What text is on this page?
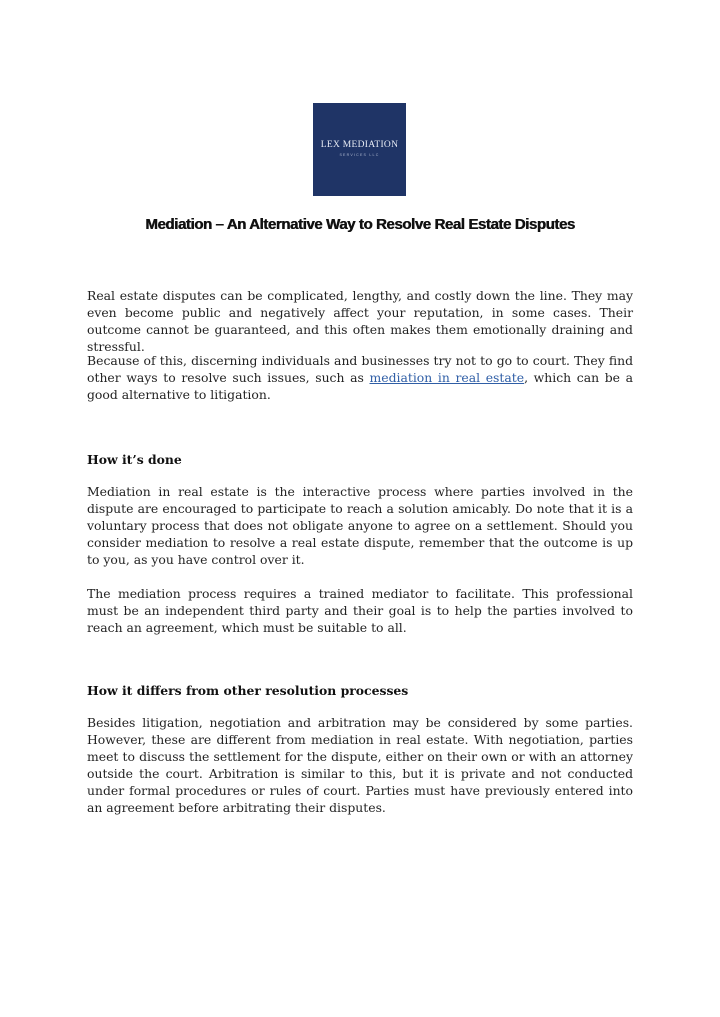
LEX MEDIATION
SERVICES LLC
Mediation – An Alternative Way to Resolve Real Estate Disputes

Real estate disputes can be complicated, lengthy, and costly down the line. They may even become public and negatively affect your reputation, in some cases. Their outcome cannot be guaranteed, and this often makes them emotionally draining and stressful.

Because of this, discerning individuals and businesses try not to go to court. They find other ways to resolve such issues, such as mediation in real estate, which can be a good alternative to litigation.

How it’s done

Mediation in real estate is the interactive process where parties involved in the dispute are encouraged to participate to reach a solution amicably. Do note that it is a voluntary process that does not obligate anyone to agree on a settlement. Should you consider mediation to resolve a real estate dispute, remember that the outcome is up to you, as you have control over it.

The mediation process requires a trained mediator to facilitate. This professional must be an independent third party and their goal is to help the parties involved to reach an agreement, which must be suitable to all.

How it differs from other resolution processes

Besides litigation, negotiation and arbitration may be considered by some parties. However, these are different from mediation in real estate. With negotiation, parties meet to discuss the settlement for the dispute, either on their own or with an attorney outside the court. Arbitration is similar to this, but it is private and not conducted under formal procedures or rules of court. Parties must have previously entered into an agreement before arbitrating their disputes.
